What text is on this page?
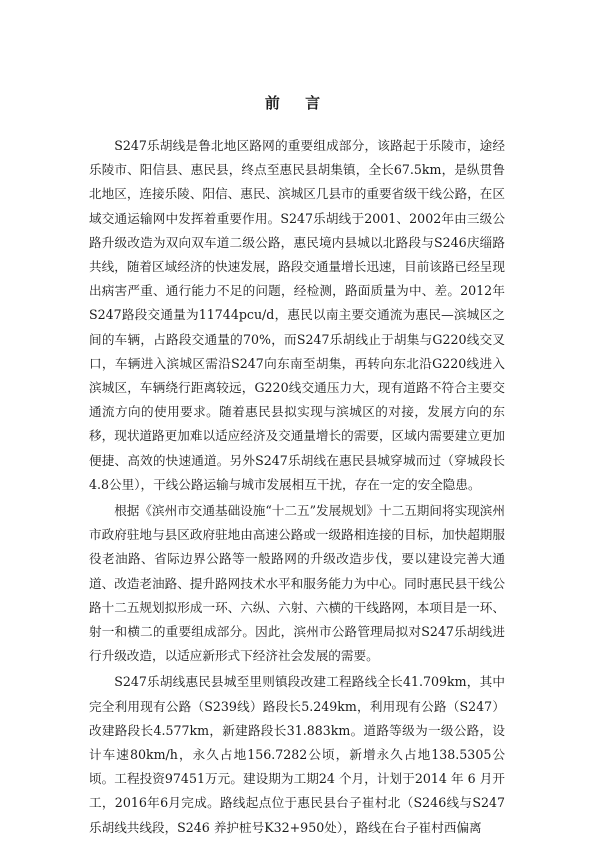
前 言

S247乐胡线是鲁北地区路网的重要组成部分，该路起于乐陵市，途经乐陵市、阳信县、惠民县，终点至惠民县胡集镇，全长67.5km，是纵贯鲁北地区，连接乐陵、阳信、惠民、滨城区几县市的重要省级干线公路，在区域交通运输网中发挥着重要作用。S247乐胡线于2001、2002年由三级公路升级改造为双向双车道二级公路，惠民境内县城以北路段与S246庆缁路共线，随着区域经济的快速发展，路段交通量增长迅速，目前该路已经呈现出病害严重、通行能力不足的问题，经检测，路面质量为中、差。2012年S247路段交通量为11744pcu/d，惠民以南主要交通流为惠民—滨城区之间的车辆，占路段交通量的70%，而S247乐胡线止于胡集与G220线交叉口，车辆进入滨城区需沿S247向东南至胡集，再转向东北沿G220线进入滨城区，车辆绕行距离较远，G220线交通压力大，现有道路不符合主要交通流方向的使用要求。随着惠民县拟实现与滨城区的对接，发展方向的东移，现状道路更加难以适应经济及交通量增长的需要，区域内需要建立更加便捷、高效的快速通道。另外S247乐胡线在惠民县城穿城而过（穿城段长4.8公里），干线公路运输与城市发展相互干扰，存在一定的安全隐患。

根据《滨州市交通基础设施“十二五”发展规划》十二五期间将实现滨州市政府驻地与县区政府驻地由高速公路或一级路相连接的目标，加快超期服役老油路、省际边界公路等一般路网的升级改造步伐，要以建设完善大通道、改造老油路、提升路网技术水平和服务能力为中心。同时惠民县干线公路十二五规划拟形成一环、六纵、六射、六横的干线路网，本项目是一环、射一和横二的重要组成部分。因此，滨州市公路管理局拟对S247乐胡线进行升级改造，以适应新形式下经济社会发展的需要。

S247乐胡线惠民县城至里则镇段改建工程路线全长41.709km，其中完全利用现有公路（S239线）路段长5.249km，利用现有公路（S247）改建路段长4.577km，新建路段长31.883km。道路等级为一级公路，设计车速80km/h，永久占地156.7282公顷，新增永久占地138.5305公顷。工程投资97451万元。建设期为工期24 个月，计划于2014 年 6 月开工，2016年6月完成。路线起点位于惠民县台子崔村北（S246线与S247 乐胡线共线段，S246 养护桩号K32+950处），路线在台子崔村西偏离
